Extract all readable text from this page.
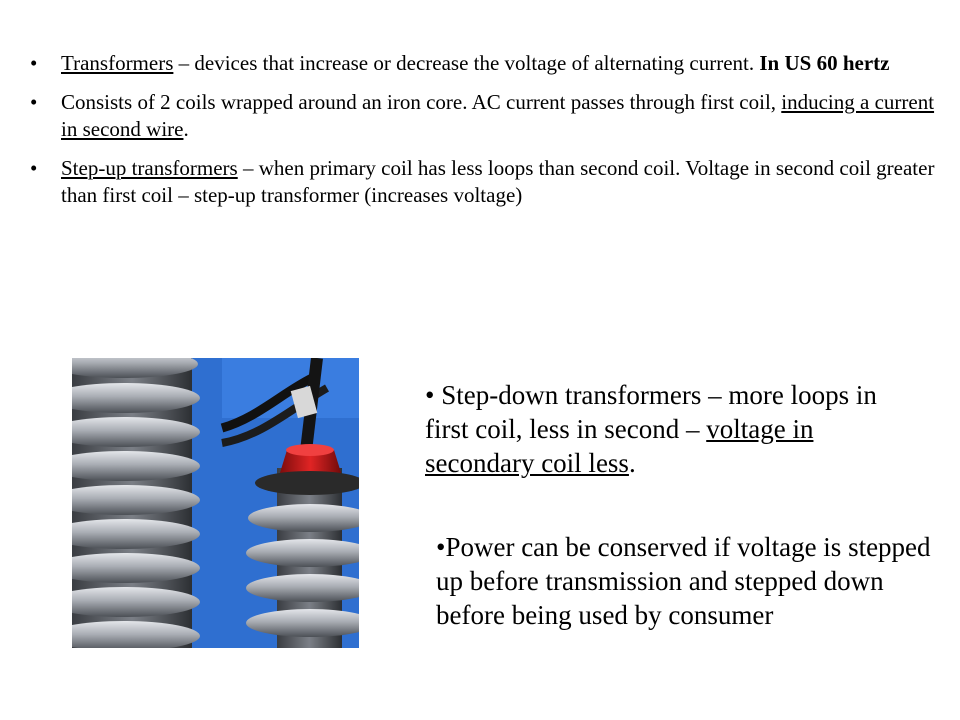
• Transformers – devices that increase or decrease the voltage of alternating current. In US 60 hertz
• Consists of 2 coils wrapped around an iron core. AC current passes through first coil, inducing a current in second wire.
• Step-up transformers – when primary coil has less loops than second coil. Voltage in second coil greater than first coil – step-up transformer (increases voltage)
• Step-down transformers – more loops in first coil, less in second – voltage in secondary coil less.
•Power can be conserved if voltage is stepped up before transmission and stepped down before being used by consumer
